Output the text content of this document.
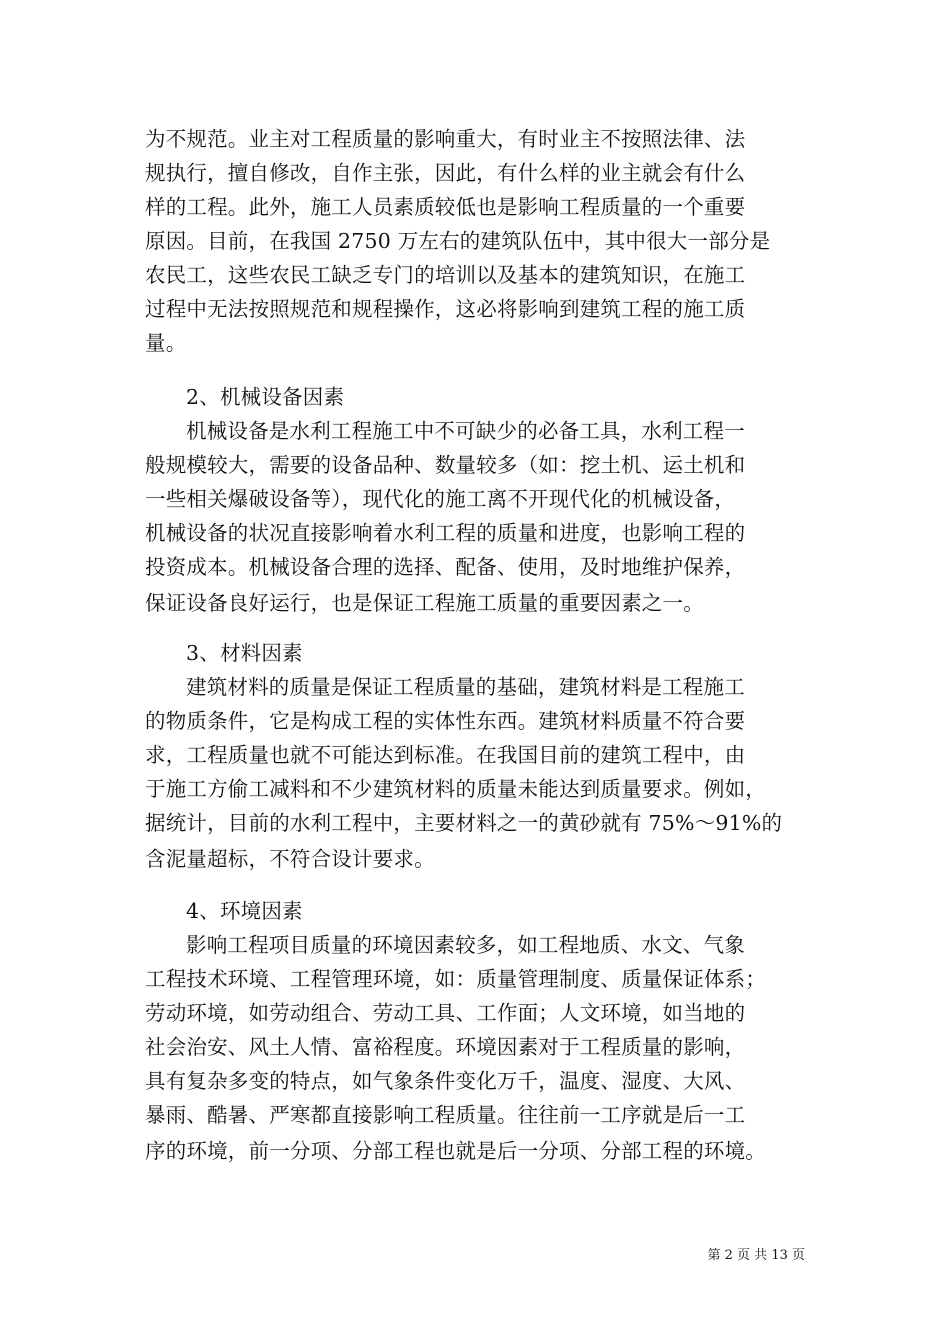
为不规范。业主对工程质量的影响重大，有时业主不按照法律、法
规执行，擅自修改，自作主张，因此，有什么样的业主就会有什么
样的工程。此外，施工人员素质较低也是影响工程质量的一个重要
原因。目前，在我国 2750 万左右的建筑队伍中，其中很大一部分是
农民工，这些农民工缺乏专门的培训以及基本的建筑知识，在施工
过程中无法按照规范和规程操作，这必将影响到建筑工程的施工质
量。
2、机械设备因素
机械设备是水利工程施工中不可缺少的必备工具，水利工程一
般规模较大，需要的设备品种、数量较多（如：挖土机、运土机和
一些相关爆破设备等），现代化的施工离不开现代化的机械设备，
机械设备的状况直接影响着水利工程的质量和进度，也影响工程的
投资成本。机械设备合理的选择、配备、使用，及时地维护保养，
保证设备良好运行，也是保证工程施工质量的重要因素之一。
3、材料因素
建筑材料的质量是保证工程质量的基础，建筑材料是工程施工
的物质条件，它是构成工程的实体性东西。建筑材料质量不符合要
求，工程质量也就不可能达到标准。在我国目前的建筑工程中，由
于施工方偷工减料和不少建筑材料的质量未能达到质量要求。例如，
据统计，目前的水利工程中，主要材料之一的黄砂就有 75%～91%的
含泥量超标，不符合设计要求。
4、环境因素
影响工程项目质量的环境因素较多，如工程地质、水文、气象
工程技术环境、工程管理环境，如：质量管理制度、质量保证体系；
劳动环境，如劳动组合、劳动工具、工作面；人文环境，如当地的
社会治安、风土人情、富裕程度。环境因素对于工程质量的影响，
具有复杂多变的特点，如气象条件变化万千，温度、湿度、大风、
暴雨、酷暑、严寒都直接影响工程质量。往往前一工序就是后一工
序的环境，前一分项、分部工程也就是后一分项、分部工程的环境。
第 2 页 共 13 页
